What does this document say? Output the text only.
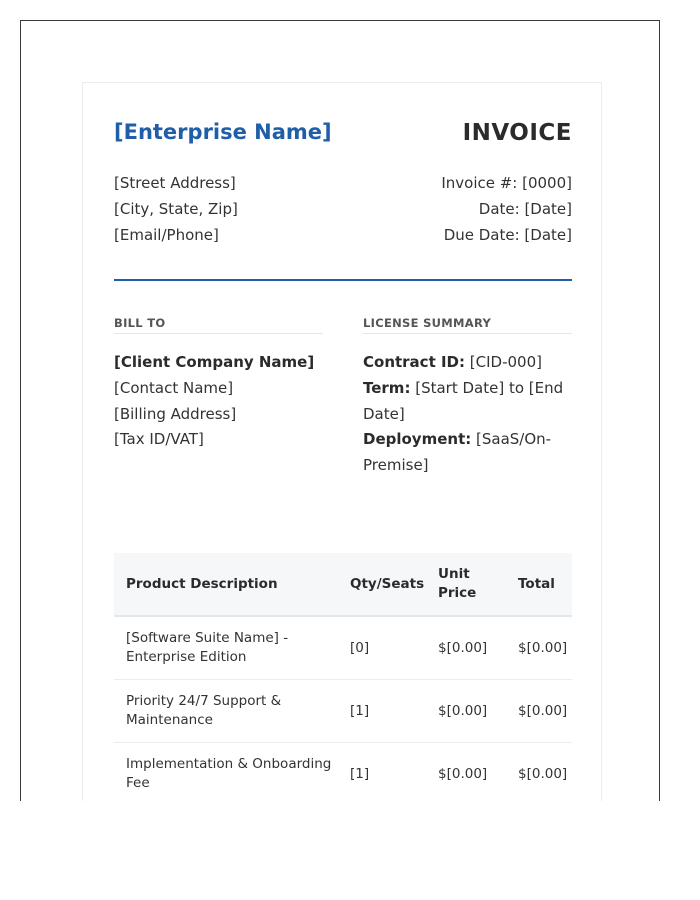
[Enterprise Name]	INVOICE
[Street Address]
[City, State, Zip]
[Email/Phone]
Invoice #: [0000]
Date: [Date]
Due Date: [Date]
BILL TO
[Client Company Name]
[Contact Name]
[Billing Address]
[Tax ID/VAT]
LICENSE SUMMARY
Contract ID: [CID-000]
Term: [Start Date] to [End Date]
Deployment: [SaaS/On-Premise]
Product Description	Qty/Seats	Unit Price	Total
[Software Suite Name] - Enterprise Edition	[0]	$[0.00]	$[0.00]
Priority 24/7 Support & Maintenance	[1]	$[0.00]	$[0.00]
Implementation & Onboarding Fee	[1]	$[0.00]	$[0.00]
